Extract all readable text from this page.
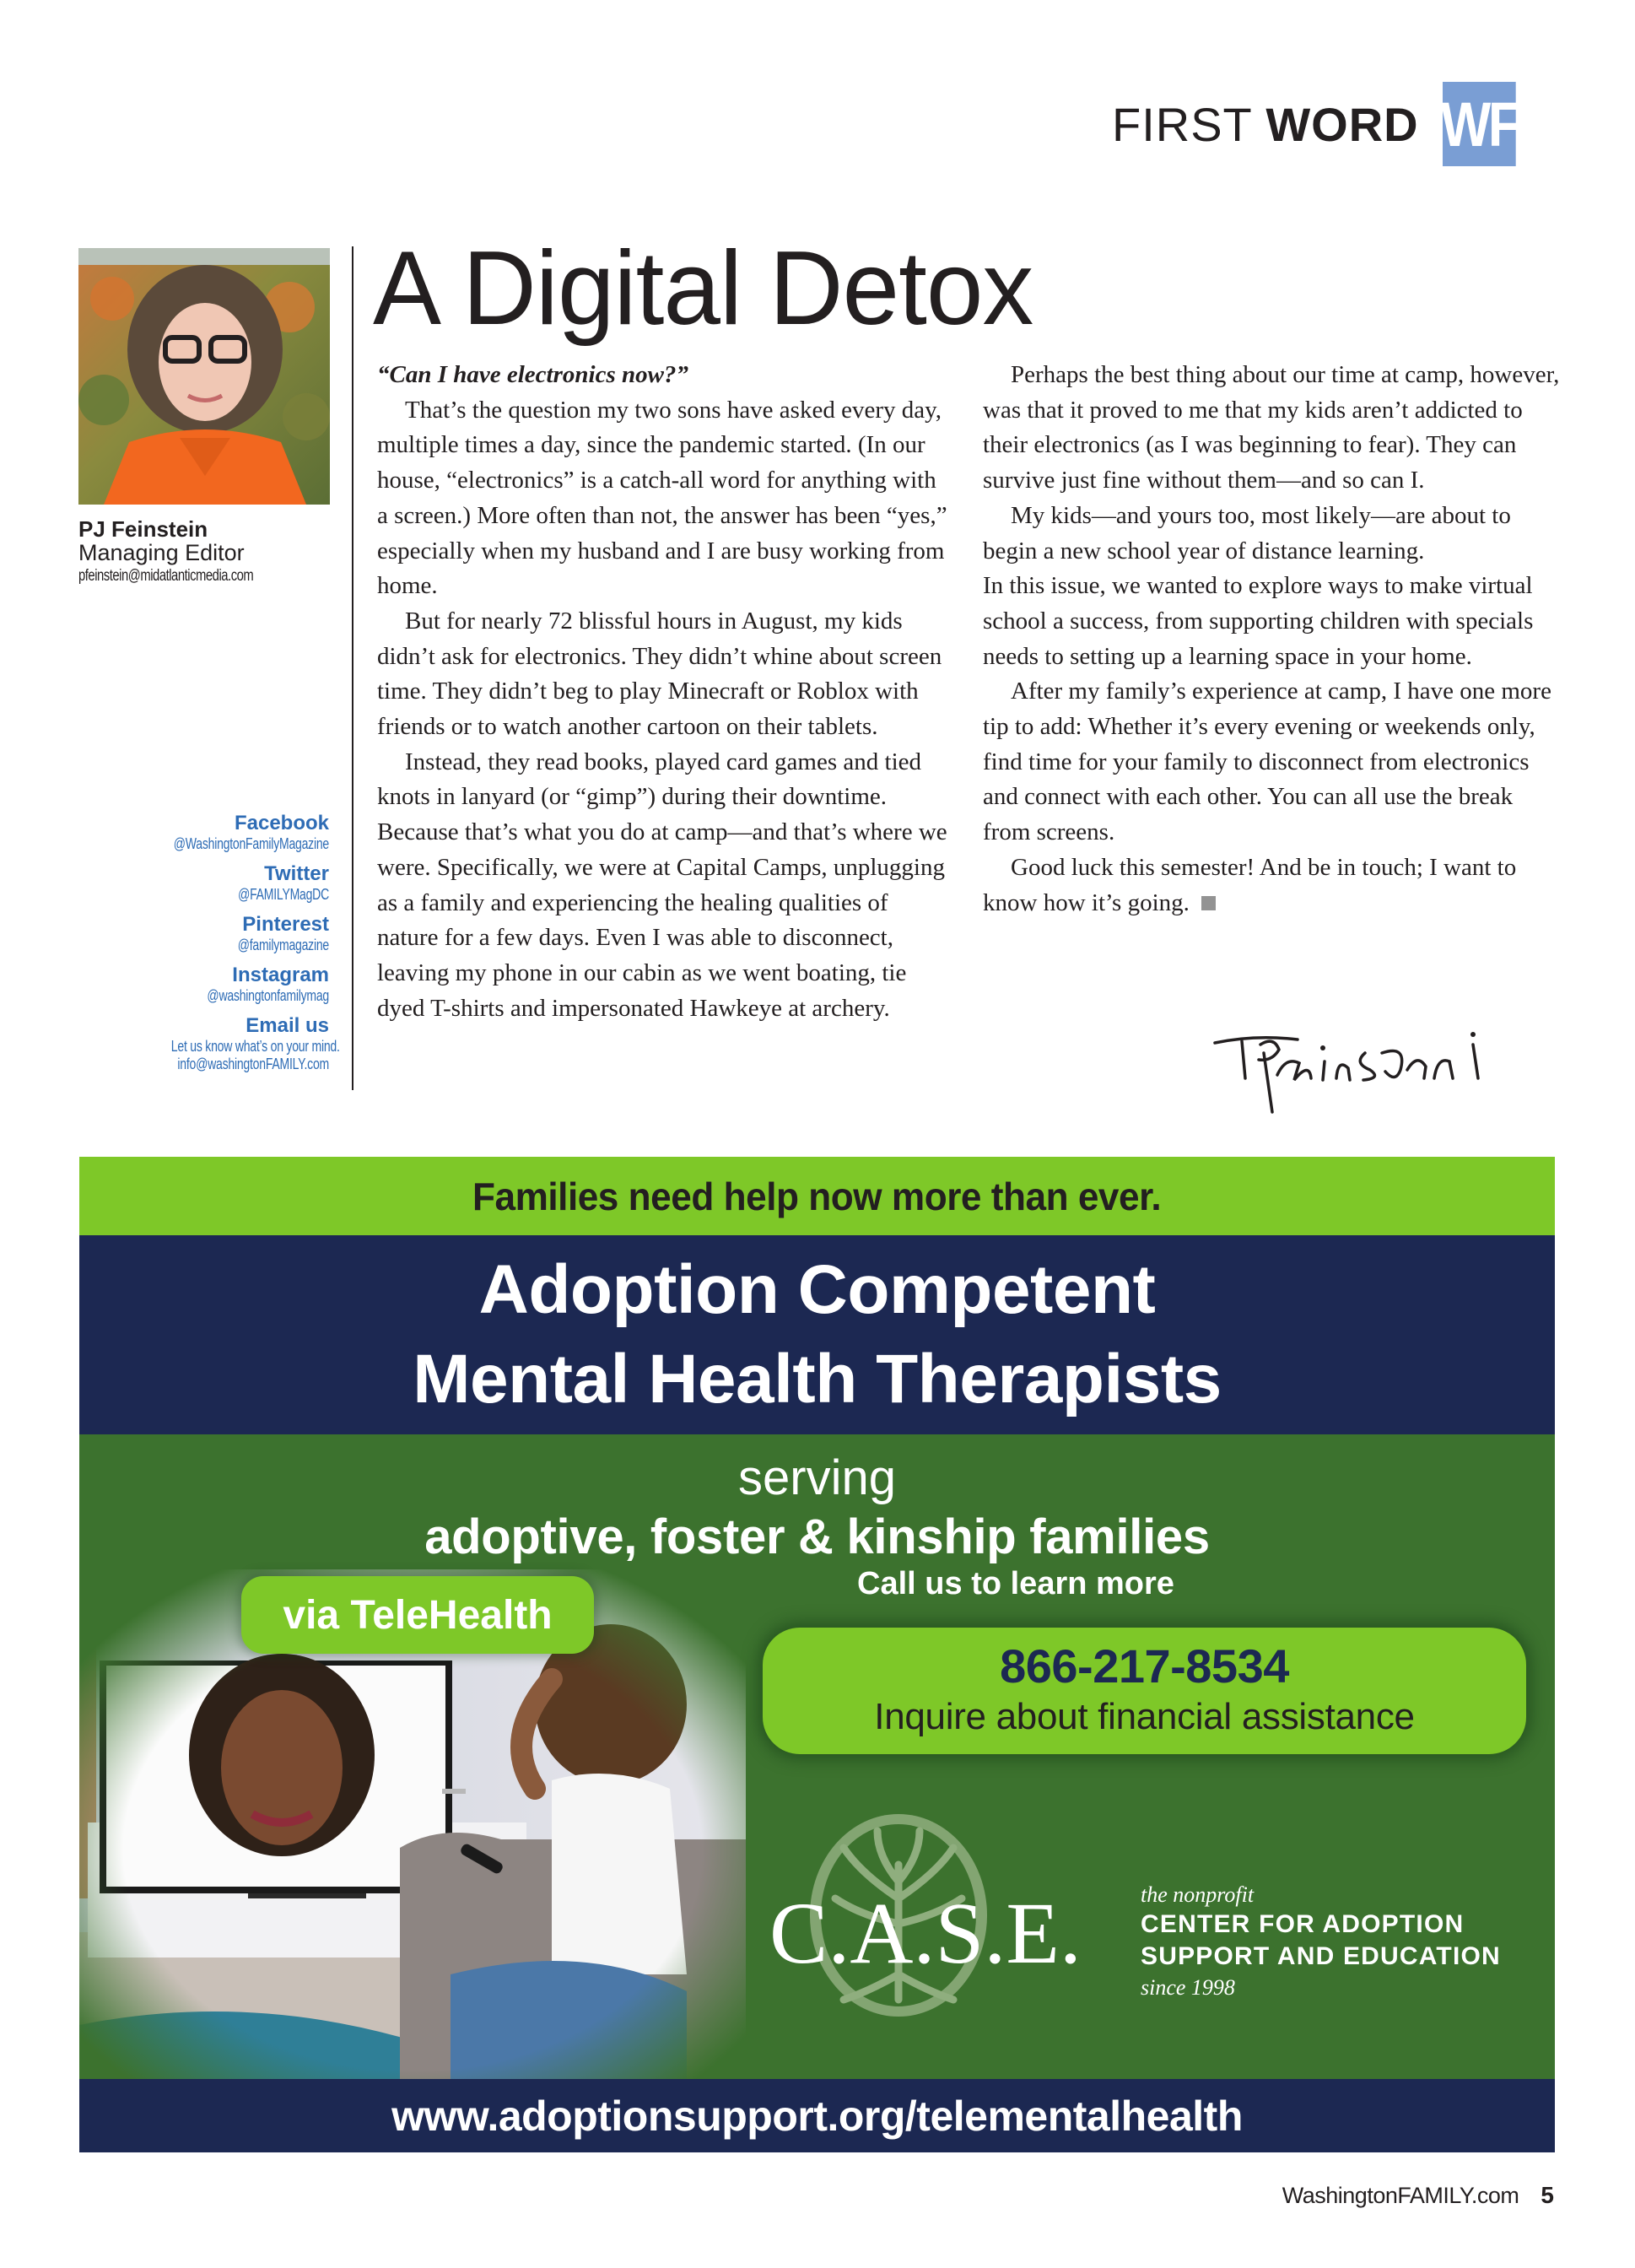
FIRST WORD WF
PJ Feinstein
Managing Editor
pfeinstein@midatlanticmedia.com
Facebook
@WashingtonFamilyMagazine
Twitter
@FAMILYMagDC
Pinterest
@familymagazine
Instagram
@washingtonfamilymag
Email us
Let us know what’s on your mind.
info@washingtonFAMILY.com
A Digital Detox

“Can I have electronics now?”

That’s the question my two sons have asked every day, multiple times a day, since the pandemic started. (In our house, “electronics” is a catch-all word for anything with a screen.) More often than not, the answer has been “yes,” especially when my husband and I are busy working from home.

But for nearly 72 blissful hours in August, my kids didn’t ask for electronics. They didn’t whine about screen time. They didn’t beg to play Minecraft or Roblox with friends or to watch another cartoon on their tablets.

Instead, they read books, played card games and tied knots in lanyard (or “gimp”) during their downtime. Because that’s what you do at camp—and that’s where we were. Specifically, we were at Capital Camps, unplugging as a family and experiencing the healing qualities of nature for a few days. Even I was able to disconnect, leaving my phone in our cabin as we went boating, tie dyed T-shirts and impersonated Hawkeye at archery.

Perhaps the best thing about our time at camp, however, was that it proved to me that my kids aren’t addicted to their electronics (as I was beginning to fear). They can survive just fine without them—and so can I.

My kids—and yours too, most likely—are about to begin a new school year of distance learning.

In this issue, we wanted to explore ways to make virtual school a success, from supporting children with specials needs to setting up a learning space in your home.

After my family’s experience at camp, I have one more tip to add: Whether it’s every evening or weekends only, find time for your family to disconnect from electronics and connect with each other. You can all use the break from screens.

Good luck this semester! And be in touch; I want to know how it’s going.

Families need help now more than ever.
Adoption Competent
Mental Health Therapists
serving
adoptive, foster & kinship families
via TeleHealth
Call us to learn more
866-217-8534
Inquire about financial assistance
C.A.S.E.	the nonprofit
CENTER FOR ADOPTION
SUPPORT AND EDUCATION
since 1998
www.adoptionsupport.org/telementalhealth
WashingtonFAMILY.com 5
